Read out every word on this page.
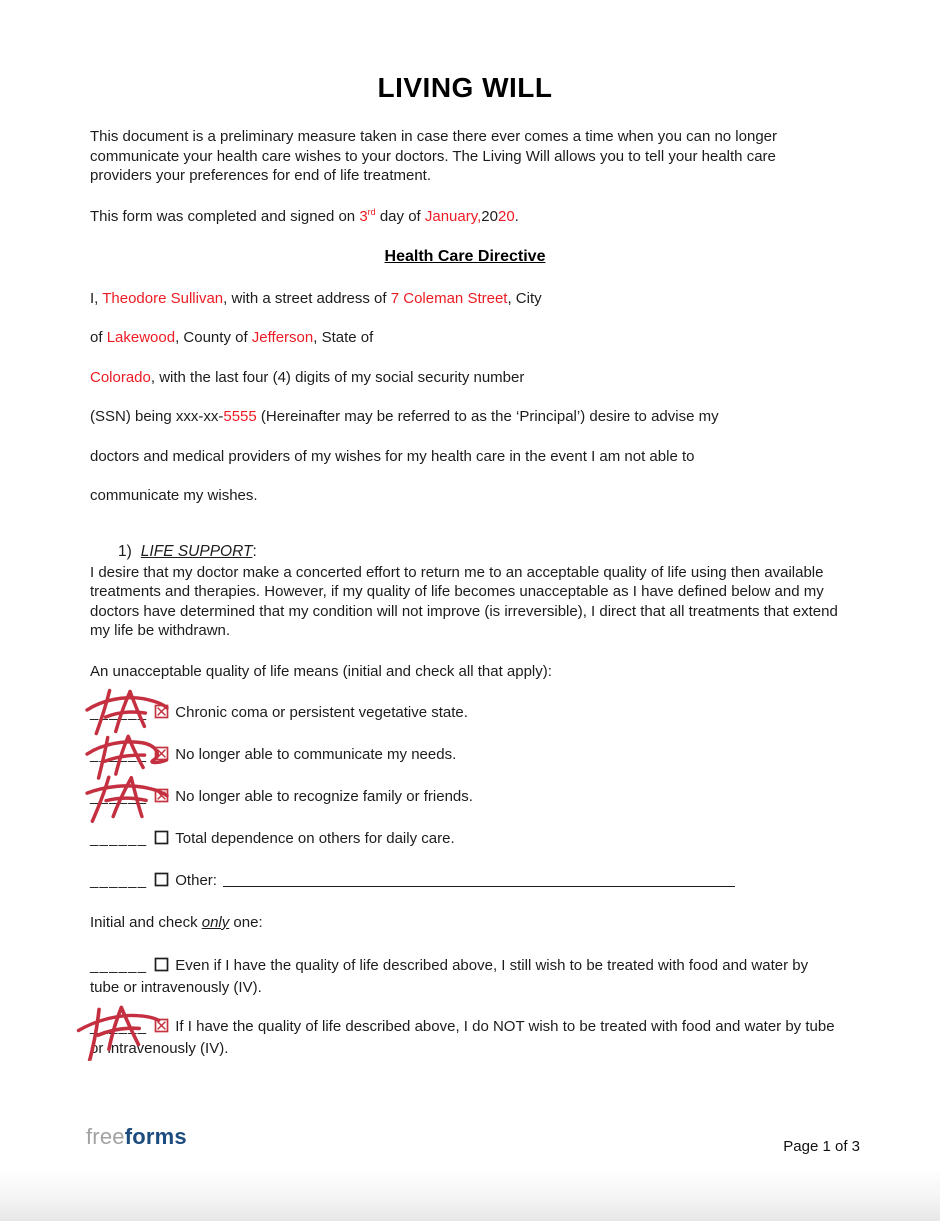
LIVING WILL

This document is a preliminary measure taken in case there ever comes a time when you can no longer communicate your health care wishes to your doctors. The Living Will allows you to tell your health care providers your preferences for end of life treatment.

This form was completed and signed on 3rd day of January,2020.

Health Care Directive
I, Theodore Sullivan, with a street address of 7 Coleman Street, City
of Lakewood, County of Jefferson, State of
Colorado, with the last four (4) digits of my social security number
(SSN) being xxx-xx-5555 (Hereinafter may be referred to as the ‘Principal’) desire to advise my
doctors and medical providers of my wishes for my health care in the event I am not able to
communicate my wishes.
1) LIFE SUPPORT:

I desire that my doctor make a concerted effort to return me to an acceptable quality of life using then available treatments and therapies. However, if my quality of life becomes unacceptable as I have defined below and my doctors have determined that my condition will not improve (is irreversible), I direct that all treatments that extend my life be withdrawn.

An unacceptable quality of life means (initial and check all that apply):

______ Chronic coma or persistent vegetative state.
______ No longer able to communicate my needs.
______ No longer able to recognize family or friends.
______ Total dependence on others for daily care.
______ Other:

Initial and check only one:

______ Even if I have the quality of life described above, I still wish to be treated with food and water by tube or intravenously (IV).

______ If I have the quality of life described above, I do NOT wish to be treated with food and water by tube or intravenously (IV).

freeforms	Page 1 of 3
